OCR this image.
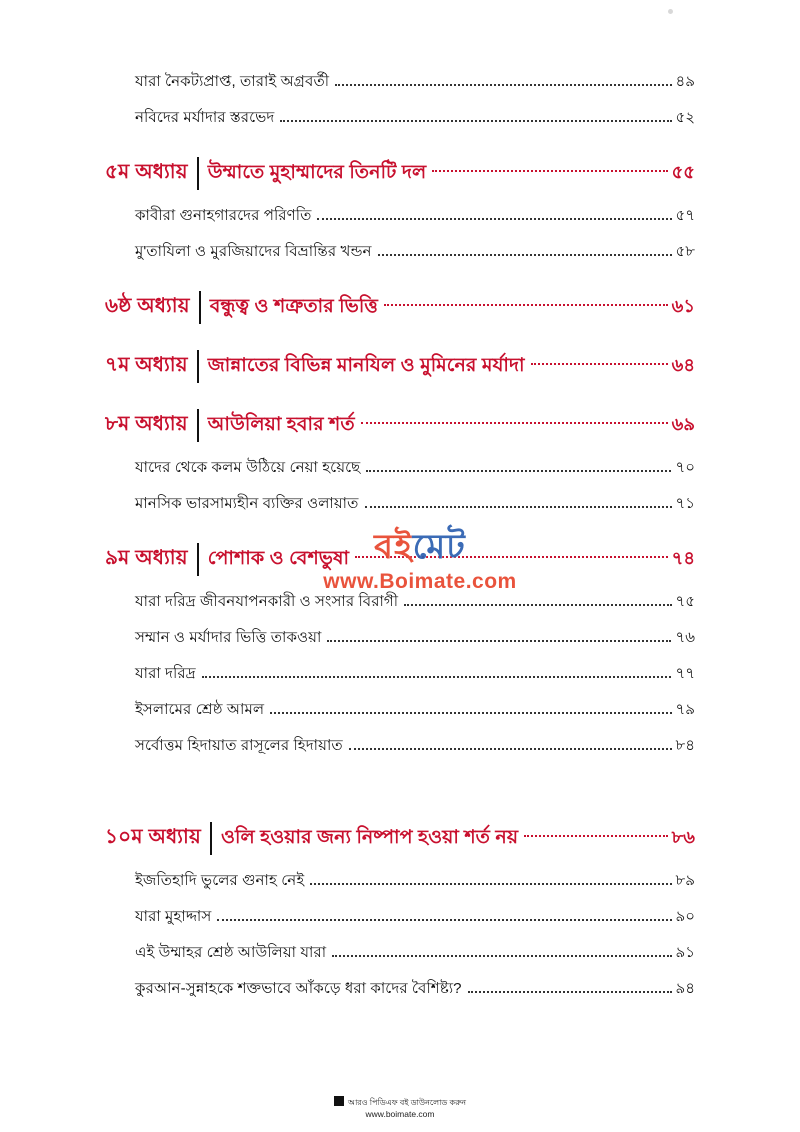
যারা নৈকট্যপ্রাপ্ত, তারাই অগ্রবর্তী	৪৯
নবিদের মর্যাদার স্তরভেদ	৫২
৫ম অধ্যায়	উম্মাতে মুহাম্মাদের তিনটি দল	৫৫
কাবীরা গুনাহগারদের পরিণতি	৫৭
মু'তাযিলা ও মুরজিয়াদের বিভ্রান্তির খন্ডন	৫৮
৬ষ্ঠ অধ্যায়	বন্ধুত্ব ও শত্রুতার ভিত্তি	৬১
৭ম অধ্যায়	জান্নাতের বিভিন্ন মানযিল ও মুমিনের মর্যাদা	৬৪
৮ম অধ্যায়	আউলিয়া হবার শর্ত	৬৯
যাদের থেকে কলম উঠিয়ে নেয়া হয়েছে	৭০
মানসিক ভারসাম্যহীন ব্যক্তির ওলায়াত	৭১
৯ম অধ্যায়	পোশাক ও বেশভুষা	৭৪
যারা দরিদ্র জীবনযাপনকারী ও সংসার বিরাগী	৭৫
সম্মান ও মর্যাদার ভিত্তি তাকওয়া	৭৬
যারা দরিদ্র	৭৭
ইসলামের শ্রেষ্ঠ আমল	৭৯
সর্বোত্তম হিদায়াত রাসূলের হিদায়াত	৮৪
১০ম অধ্যায়	ওলি হওয়ার জন্য নিষ্পাপ হওয়া শর্ত নয়	৮৬
ইজতিহাদি ভুলের গুনাহ নেই	৮৯
যারা মুহাদ্দাস	৯০
এই উম্মাহর শ্রেষ্ঠ আউলিয়া যারা	৯১
কুরআন-সুন্নাহকে শক্তভাবে আঁকড়ে ধরা কাদের বৈশিষ্ট্য?	৯৪
বইমেট
www.Boimate.com
আরও পিডিএফ বই ডাউনলোড করুন
www.boimate.com
